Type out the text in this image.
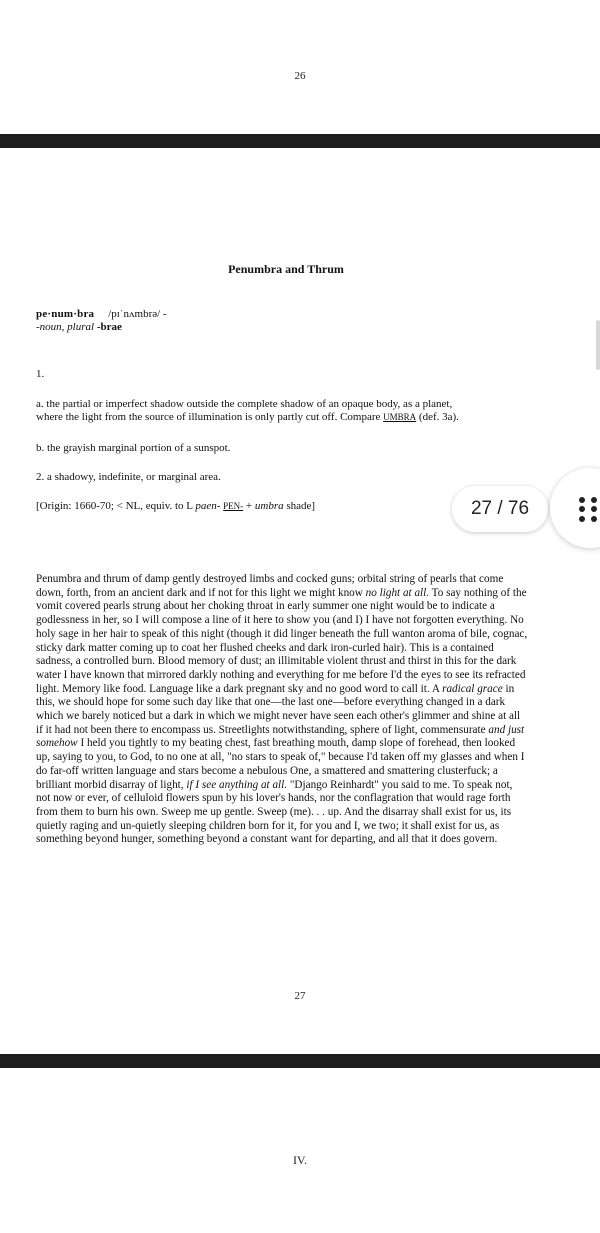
26
Penumbra and Thrum
pe·num·bra /pɪˈnʌmbrə/ -
-noun, plural -brae
1.
a. the partial or imperfect shadow outside the complete shadow of an opaque body, as a planet,
where the light from the source of illumination is only partly cut off. Compare UMBRA (def. 3a).
b. the grayish marginal portion of a sunspot.
2. a shadowy, indefinite, or marginal area.
[Origin: 1660-70; < NL, equiv. to L paen- PEN- + umbra shade]
Penumbra and thrum of damp gently destroyed limbs and cocked guns; orbital string of pearls that come down, forth, from an ancient dark and if not for this light we might know no light at all. To say nothing of the vomit covered pearls strung about her choking throat in early summer one night would be to indicate a godlessness in her, so I will compose a line of it here to show you (and I) I have not forgotten everything. No holy sage in her hair to speak of this night (though it did linger beneath the full wanton aroma of bile, cognac, sticky dark matter coming up to coat her flushed cheeks and dark iron-curled hair). This is a contained sadness, a controlled burn. Blood memory of dust; an illimitable violent thrust and thirst in this for the dark water I have known that mirrored darkly nothing and everything for me before I'd the eyes to see its refracted light. Memory like food. Language like a dark pregnant sky and no good word to call it. A radical grace in this, we should hope for some such day like that one—the last one—before everything changed in a dark which we barely noticed but a dark in which we might never have seen each other's glimmer and shine at all if it had not been there to encompass us. Streetlights notwithstanding, sphere of light, commensurate and just somehow I held you tightly to my beating chest, fast breathing mouth, damp slope of forehead, then looked up, saying to you, to God, to no one at all, "no stars to speak of," because I'd taken off my glasses and when I do far-off written language and stars become a nebulous One, a smattered and smattering clusterfuck; a brilliant morbid disarray of light, if I see anything at all. "Django Reinhardt" you said to me. To speak not, not now or ever, of celluloid flowers spun by his lover's hands, nor the conflagration that would rage forth from them to burn his own. Sweep me up gentle. Sweep (me). . . up. And the disarray shall exist for us, its quietly raging and un-quietly sleeping children born for it, for you and I, we two; it shall exist for us, as something beyond hunger, something beyond a constant want for departing, and all that it does govern.
27
IV.
27 / 76
